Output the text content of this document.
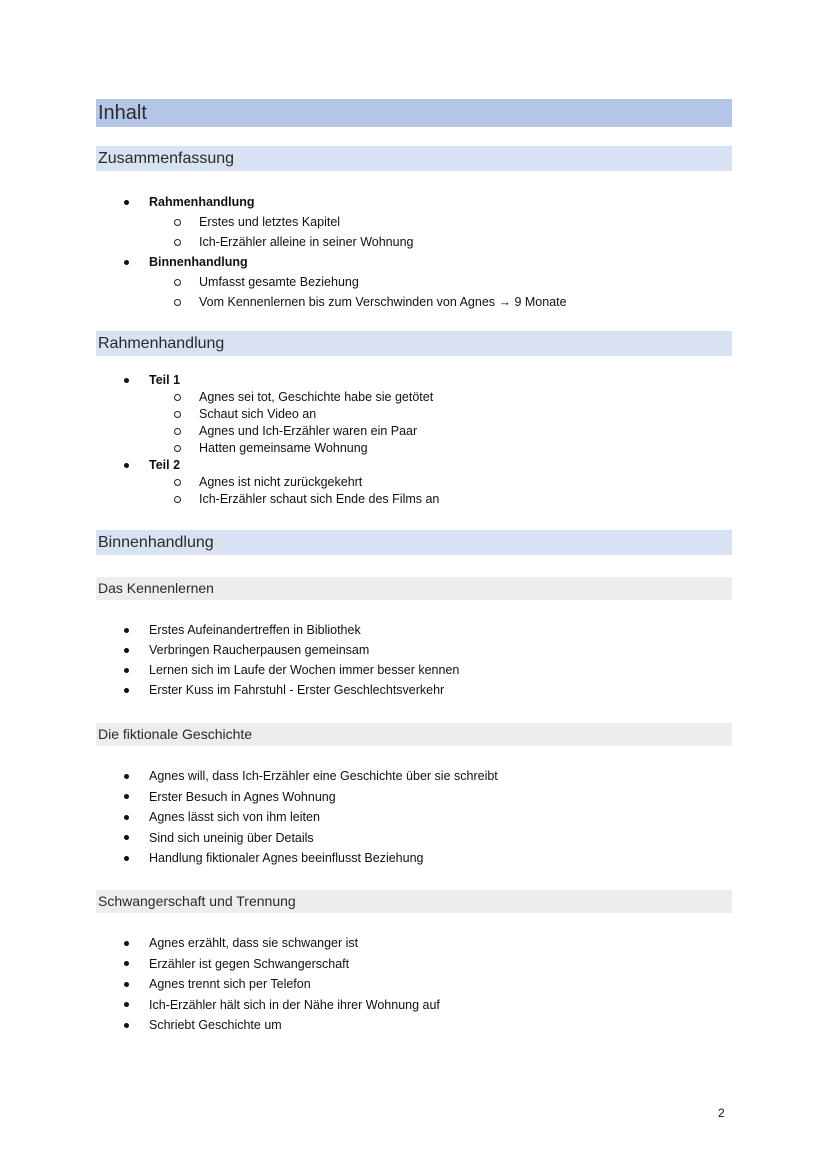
Inhalt
Zusammenfassung
Rahmenhandlung
Erstes und letztes Kapitel
Ich-Erzähler alleine in seiner Wohnung
Binnenhandlung
Umfasst gesamte Beziehung
Vom Kennenlernen bis zum Verschwinden von Agnes → 9 Monate
Rahmenhandlung
Teil 1
Agnes sei tot, Geschichte habe sie getötet
Schaut sich Video an
Agnes und Ich-Erzähler waren ein Paar
Hatten gemeinsame Wohnung
Teil 2
Agnes ist nicht zurückgekehrt
Ich-Erzähler schaut sich Ende des Films an
Binnenhandlung
Das Kennenlernen
Erstes Aufeinandertreffen in Bibliothek
Verbringen Raucherpausen gemeinsam
Lernen sich im Laufe der Wochen immer besser kennen
Erster Kuss im Fahrstuhl - Erster Geschlechtsverkehr
Die fiktionale Geschichte
Agnes will, dass Ich-Erzähler eine Geschichte über sie schreibt
Erster Besuch in Agnes Wohnung
Agnes lässt sich von ihm leiten
Sind sich uneinig über Details
Handlung fiktionaler Agnes beeinflusst Beziehung
Schwangerschaft und Trennung
Agnes erzählt, dass sie schwanger ist
Erzähler ist gegen Schwangerschaft
Agnes trennt sich per Telefon
Ich-Erzähler hält sich in der Nähe ihrer Wohnung auf
Schriebt Geschichte um
2
